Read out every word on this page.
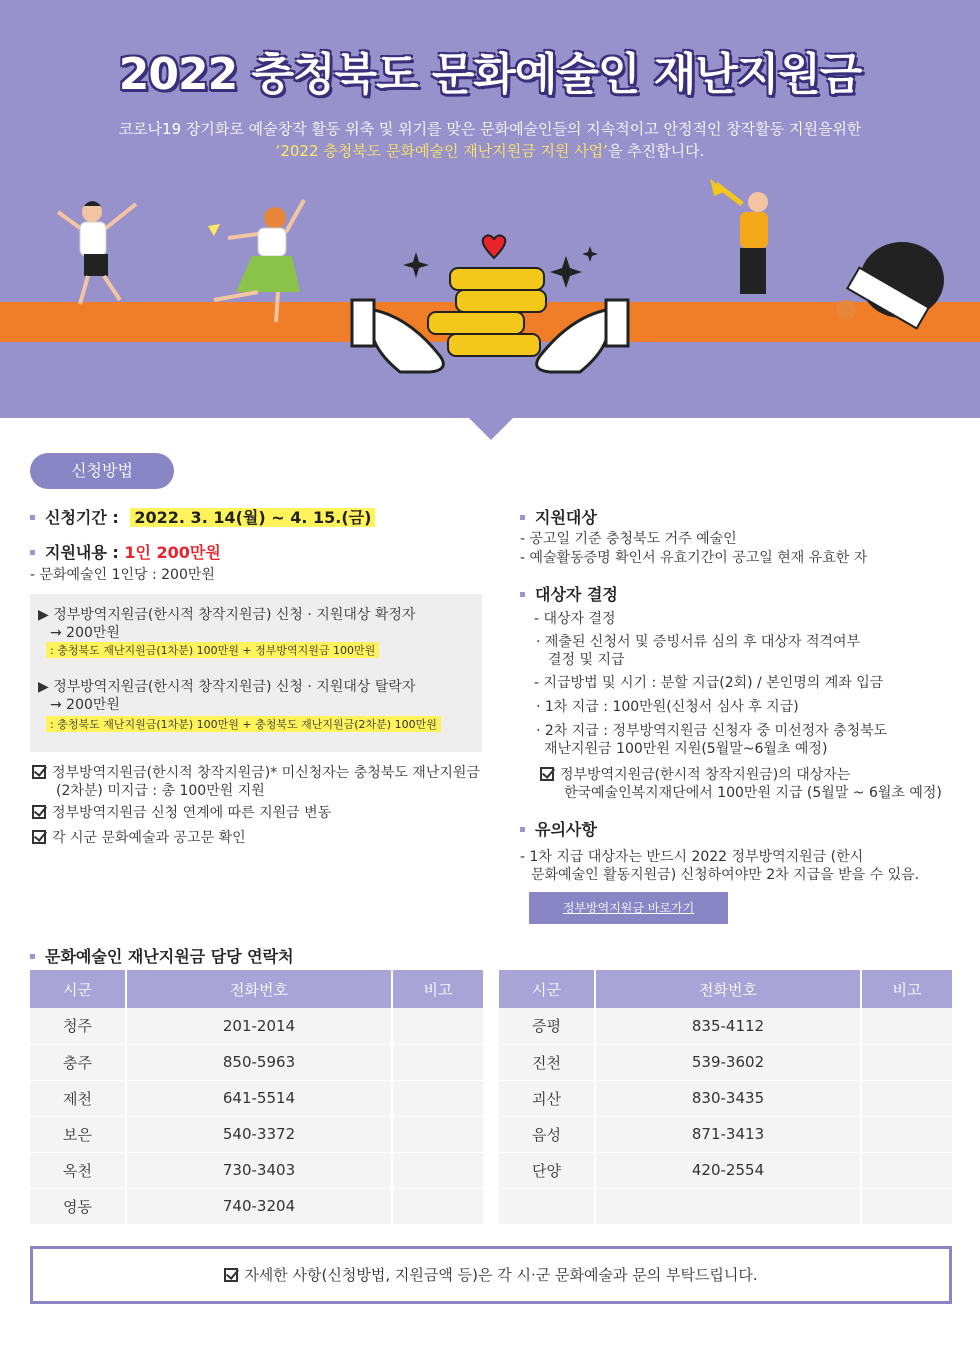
2022 충청북도 문화예술인 재난지원금
코로나19 장기화로 예술창작 활동 위축 및 위기를 맞은 문화예술인들의 지속적이고 안정적인 창작활동 지원을위한
‘2022 충청북도 문화예술인 재난지원금 지원 사업’을 추진합니다.
신청방법
신청기간 : 2022. 3. 14(월) ~ 4. 15.(금)
지원내용 : 1인 200만원
- 문화예술인 1인당 : 200만원
▶ 정부방역지원금(한시적 창작지원금) 신청 · 지원대상 확정자
→ 200만원
: 충청북도 재난지원금(1차분) 100만원 + 정부방역지원금 100만원
▶ 정부방역지원금(한시적 창작지원금) 신청 · 지원대상 탈락자
→ 200만원
: 충청북도 재난지원금(1차분) 100만원 + 충청북도 재난지원금(2차분) 100만원
정부방역지원금(한시적 창작지원금)* 미신청자는 충청북도 재난지원금
(2차분) 미지급 : 총 100만원 지원
정부방역지원금 신청 연계에 따른 지원금 변동
각 시군 문화예술과 공고문 확인
지원대상
- 공고일 기준 충청북도 거주 예술인
- 예술활동증명 확인서 유효기간이 공고일 현재 유효한 자
대상자 결정
- 대상자 결정
· 제출된 신청서 및 증빙서류 심의 후 대상자 적격여부
결정 및 지급
- 지급방법 및 시기 : 분할 지급(2회) / 본인명의 계좌 입금
· 1차 지급 : 100만원(신청서 심사 후 지급)
· 2차 지급 : 정부방역지원금 신청자 중 미선정자 충청북도
재난지원금 100만원 지원(5월말~6월초 예정)
정부방역지원금(한시적 창작지원금)의 대상자는
한국예술인복지재단에서 100만원 지급 (5월말 ~ 6월초 예정)
유의사항
- 1차 지급 대상자는 반드시 2022 정부방역지원금 (한시
문화예술인 활동지원금) 신청하여야만 2차 지급을 받을 수 있음.
정부방역지원금 바로가기
문화예술인 재난지원금 담당 연락처
시군	전화번호	비고
청주	201-2014	
충주	850-5963	
제천	641-5514	
보은	540-3372	
옥천	730-3403	
영동	740-3204	
시군	전화번호	비고
증평	835-4112	
진천	539-3602	
괴산	830-3435	
음성	871-3413	
단양	420-2554	

자세한 사항(신청방법, 지원금액 등)은 각 시·군 문화예술과 문의 부탁드립니다.
